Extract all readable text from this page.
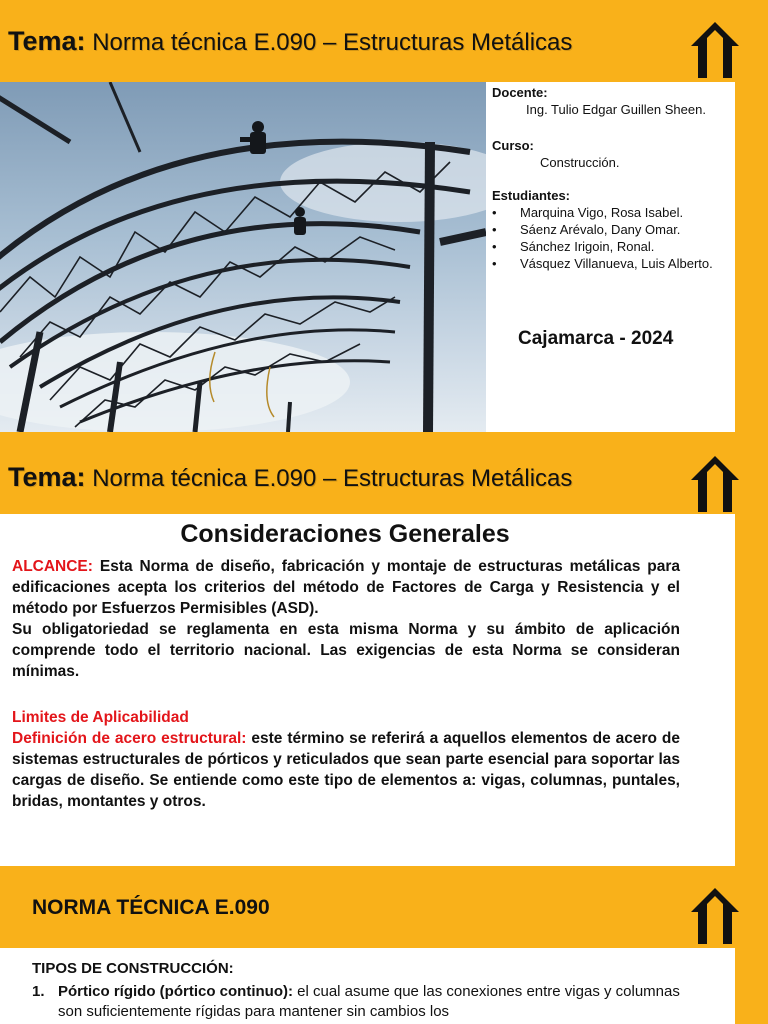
Tema: Norma técnica E.090 – Estructuras Metálicas
Docente:
Ing. Tulio Edgar Guillen Sheen.
Curso:
Construcción.
Estudiantes:
• Marquina Vigo, Rosa Isabel.
• Sáenz Arévalo, Dany Omar.
• Sánchez Irigoin, Ronal.
• Vásquez Villanueva, Luis Alberto.
Cajamarca - 2024
Tema: Norma técnica E.090 – Estructuras Metálicas
Consideraciones Generales
ALCANCE: Esta Norma de diseño, fabricación y montaje de estructuras metálicas para edificaciones acepta los criterios del método de Factores de Carga y Resistencia y el método por Esfuerzos Permisibles (ASD).
Su obligatoriedad se reglamenta en esta misma Norma y su ámbito de aplicación comprende todo el territorio nacional. Las exigencias de esta Norma se consideran mínimas.
Limites de Aplicabilidad
Definición de acero estructural: este término se referirá a aquellos elementos de acero de sistemas estructurales de pórticos y reticulados que sean parte esencial para soportar las cargas de diseño. Se entiende como este tipo de elementos a: vigas, columnas, puntales, bridas, montantes y otros.
NORMA TÉCNICA E.090
TIPOS DE CONSTRUCCIÓN:
1. Pórtico rígido (pórtico continuo): el cual asume que las conexiones entre vigas y columnas son suficientemente rígidas para mantener sin cambios los
